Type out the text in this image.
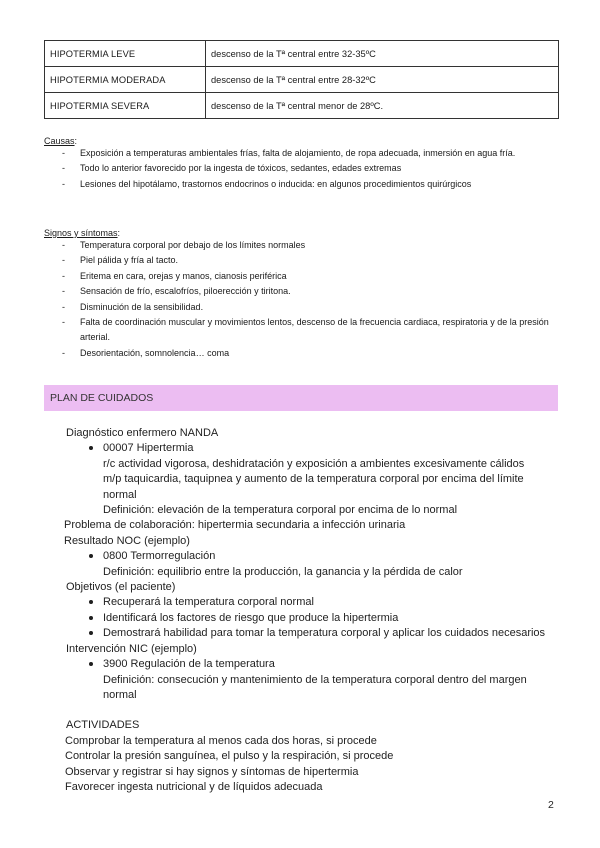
HIPOTERMIA LEVE	descenso de la Tª central entre 32-35ºC
HIPOTERMIA MODERADA	descenso de la Tª central entre 28-32ºC
HIPOTERMIA SEVERA	descenso de la Tª central menor de 28ºC.
Causas:
- Exposición a temperaturas ambientales frías, falta de alojamiento, de ropa adecuada, inmersión en agua fría.
- Todo lo anterior favorecido por la ingesta de tóxicos, sedantes, edades extremas
- Lesiones del hipotálamo, trastornos endocrinos o inducida: en algunos procedimientos quirúrgicos
Signos y síntomas:
- Temperatura corporal por debajo de los límites normales
- Piel pálida y fría al tacto.
- Eritema en cara, orejas y manos, cianosis periférica
- Sensación de frío, escalofríos, piloerección y tiritona.
- Disminución de la sensibilidad.
- Falta de coordinación muscular y movimientos lentos, descenso de la frecuencia cardiaca, respiratoria y de la presión arterial.
- Desorientación, somnolencia… coma
PLAN DE CUIDADOS
Diagnóstico enfermero NANDA
00007 Hipertermia
r/c actividad vigorosa, deshidratación y exposición a ambientes excesivamente cálidos
m/p taquicardia, taquipnea y aumento de la temperatura corporal por encima del límite normal
Definición: elevación de la temperatura corporal por encima de lo normal
Problema de colaboración: hipertermia secundaria a infección urinaria
Resultado NOC (ejemplo)
0800 Termorregulación
Definición: equilibrio entre la producción, la ganancia y la pérdida de calor
Objetivos (el paciente)
Recuperará la temperatura corporal normal
Identificará los factores de riesgo que produce la hipertermia
Demostrará habilidad para tomar la temperatura corporal y aplicar los cuidados necesarios
Intervención NIC (ejemplo)
3900 Regulación de la temperatura
Definición: consecución y mantenimiento de la temperatura corporal dentro del margen normal
ACTIVIDADES
Comprobar la temperatura al menos cada dos horas, si procede
Controlar la presión sanguínea, el pulso y la respiración, si procede
Observar y registrar si hay signos y síntomas de hipertermia
Favorecer ingesta nutricional y de líquidos adecuada
2
